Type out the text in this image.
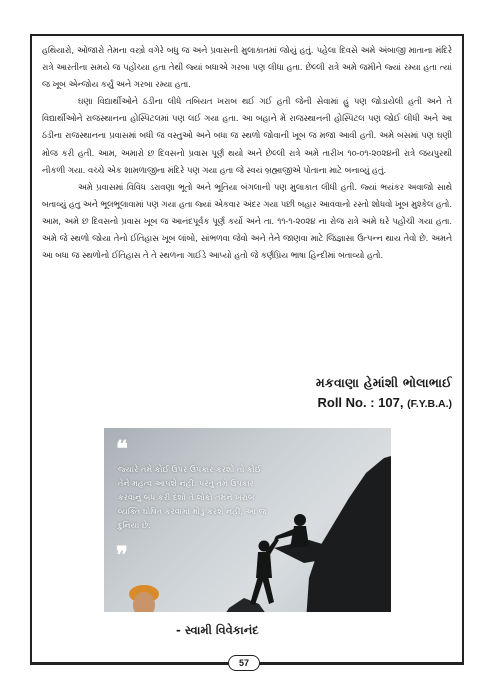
હથિયારો, ઓજારો તેમના વસ્ત્રો વગેરે બધુ જ અને પ્રવાસની મુલાકાતમાં જોયું હતું. પહેલા દિવસે અમે અંબાજી માતાના મંદિરે રાત્રે આરતીના સમયે જ પહોંચ્યા હતા તેથી જ્યાં બધાએ ગરબા પણ લીધા હતા. છેલ્લી રાત્રે અમે જમીને જ્યાં રમ્યા હતા ત્યાં જ ખૂબ એન્જોય કર્યું અને ગરબા રમ્યા હતા.

ઘણા વિદ્યાર્થીઓને ઠંડીના લીધે તબિયત ખરાબ થઈ ગઈ હતી જેની સેવામાં હું પણ જોડાયેલી હતી અને તે વિદ્યાર્થીઓને રાજસ્થાનના હોસ્પિટલમાં પણ લઈ ગયા હતા. આ બહાને મેં રાજસ્થાનની હોસ્પિટલ પણ જોઈ લીધી અને આ ઠંડીના રાજસ્થાનના પ્રવાસમાં બધી જ વસ્તુઓ અને બધા જ સ્થળો જોવાની ખૂબ જ મજા આવી હતી. અમે બસમાં પણ ઘણી મોજ કરી હતી. આમ, અમારો છ દિવસનો પ્રવાસ પૂર્ણ થયો અને છેલ્લી રાત્રે અમે તારીખ ૧૦-૦૧-૨૦૨૪ની રાત્રે જયપુરથી નીકળી ગયા. વચ્ચે એક શામળાજીના મંદિરે પણ ગયા હતા જે સ્વયં બ્રહ્માજીએ પોતાના માટે બનાવ્યું હતું.

અમે પ્રવાસમાં વિવિધ ડરાવણા ભૂતો અને ભૂતિયા બંગલાની પણ મુલાકાત લીધી હતી. જ્યાં ભયંકર અવાજો સાથે બતાવ્યું હતુ અને ભૂલભૂલાવામાં પણ ગયા હતા જ્યાં એકવાર અંદર ગયા પછી બહાર આવવાનો રસ્તો શોધવો ખૂબ મુશ્કેલ હતો. આમ, અમે છ દિવસનો પ્રવાસ ખૂબ જ આનંદપૂર્વક પૂર્ણ કર્યો અને તા. ૧૧-૧-૨૦૨૪ ના રોજ રાત્રે અમે ઘરે પહોંચી ગયા હતા. અમે જે સ્થળો જોયા તેનો ઈતિહાસ ખૂબ લાંબો, સાંભળવા જેવો અને તેને જાણવા માટે જિજ્ઞાસા ઉત્પન્ન થાય તેવો છે. અમને આ બધા જ સ્થળોનો ઈતિહાસ તે તે સ્થળના ગાઈડે આપ્યો હતો જે કર્ણપ્રિય ભાષા હિન્દીમાં બતાવ્યો હતો.

મકવાણા હેમાંશી ભોલાભાઈ
Roll No. : 107, (F.Y.B.A.)
❝
જ્યારે તમે કોઈ ઉપર ઉપકાર કરશો તો કોઈ તેને મહત્વ આપશે નહીં. પરંતુ તમે ઉપકાર કરવાનું બંધ કરી દેશો તે લોકો તમને ખરાબ વ્યક્તિ ઘોષિત કરવામાં મોડું કરશે નહીં, આ જ દુનિયા છે.
❞
- સ્વામી વિવેકાનંદ
57
